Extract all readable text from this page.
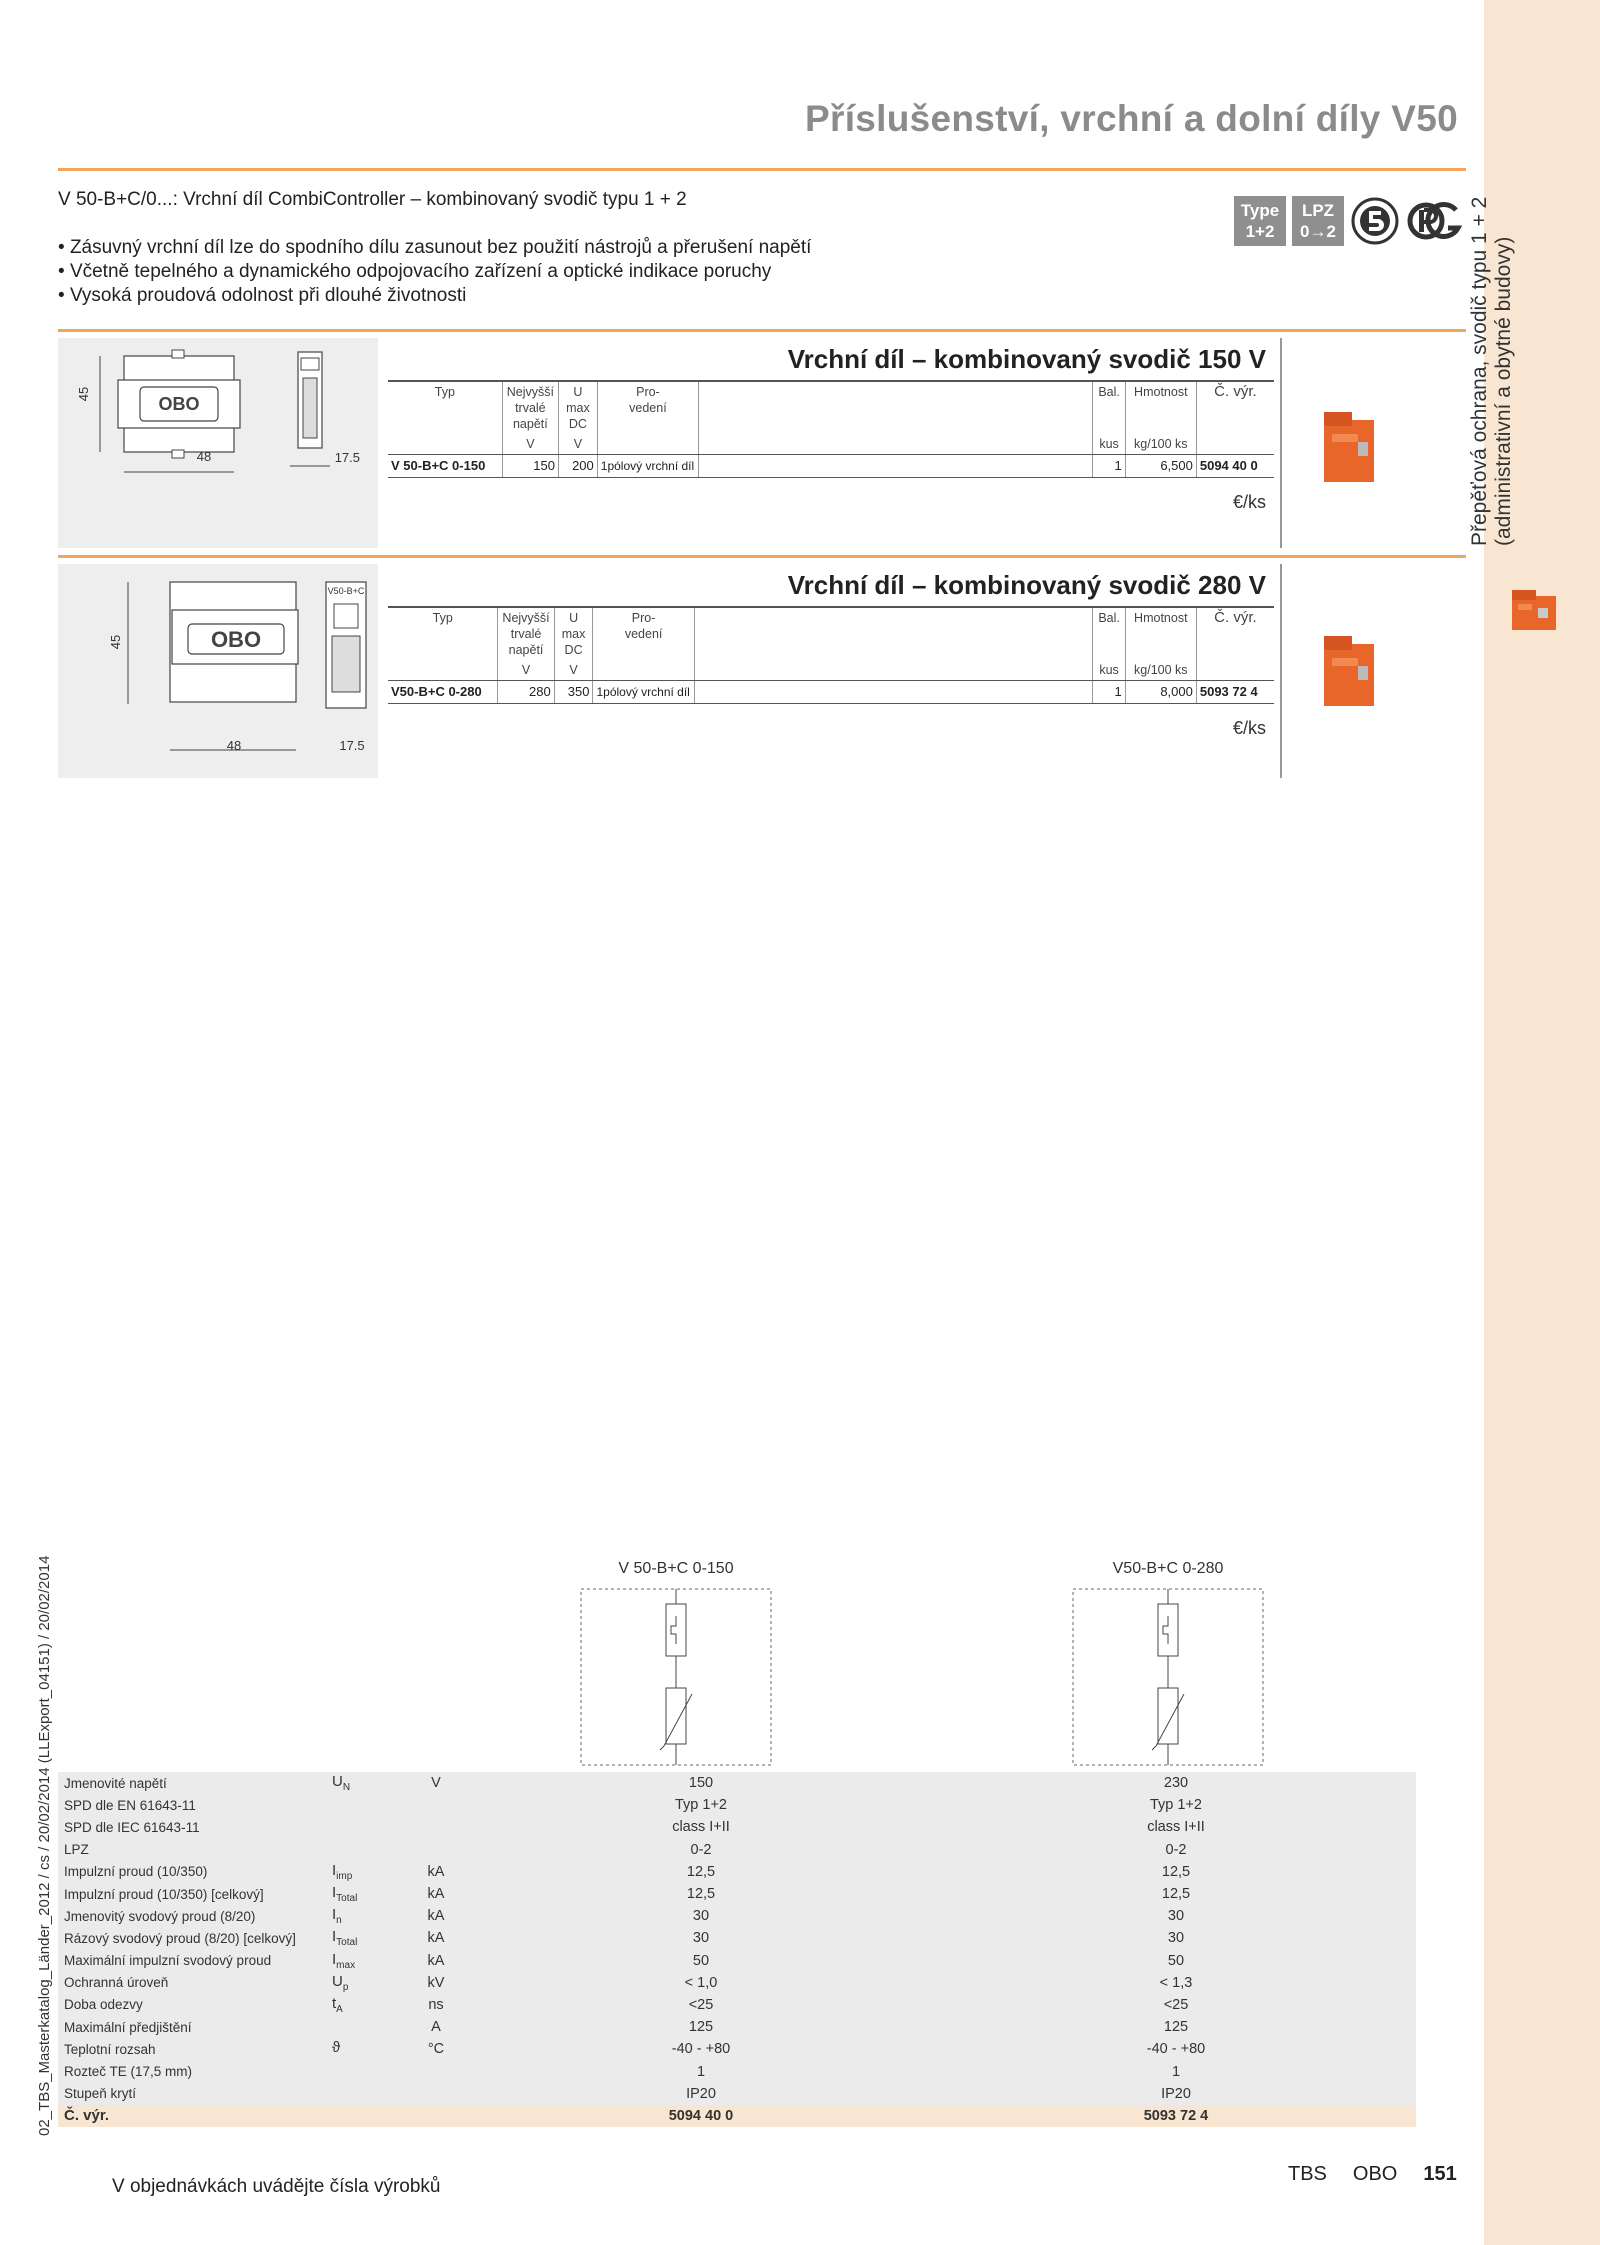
Přepěťová ochrana, svodič typu 1 + 2 (administrativní a obytné budovy)
Příslušenství, vrchní a dolní díly V50
V 50-B+C/0...: Vrchní díl CombiController – kombinovaný svodič typu 1 + 2
• Zásuvný vrchní díl lze do spodního dílu zasunout bez použití nástrojů a přerušení napětí
• Včetně tepelného a dynamického odpojovacího zařízení a optické indikace poruchy
• Vysoká proudová odolnost při dlouhé životnosti
Type
1+2
LPZ
0→2
OBO
45
48	17.5
Vrchní díl – kombinovaný svodič 150 V
Typ	Nejvyšší
trvalé
napětí	U max
DC	Pro-
vedení		Bal.	Hmotnost	Č. výr.
	V	V			kus	kg/100 ks	
V 50-B+C 0-150	150	200	1pólový vrchní díl		1	6,500	5094 40 0
€/ks
OBO
45
48
V50-B+C
17.5
Vrchní díl – kombinovaný svodič 280 V
Typ	Nejvyšší
trvalé
napětí	U max
DC	Pro-
vedení		Bal.	Hmotnost	Č. výr.
	V	V			kus	kg/100 ks	
V50-B+C 0-280	280	350	1pólový vrchní díl		1	8,000	5093 72 4
€/ks
V 50-B+C 0-150	V50-B+C 0-280
Jmenovité napětí	$U_N$	V	150	230
SPD dle EN 61643-11			Typ 1+2	Typ 1+2
SPD dle IEC 61643-11			class I+II	class I+II
LPZ			0-2	0-2
Impulzní proud (10/350)	$I_{imp}$	kA	12,5	12,5
Impulzní proud (10/350) [celkový]	$I_{Total}$	kA	12,5	12,5
Jmenovitý svodový proud (8/20)	$I_n$	kA	30	30
Rázový svodový proud (8/20) [celkový]	$I_{Total}$	kA	30	30
Maximální impulzní svodový proud	$I_{max}$	kA	50	50
Ochranná úroveň	$U_p$	kV	< 1,0	< 1,3
Doba odezvy	$t_A$	ns	<25	<25
Maximální předjištění		A	125	125
Teplotní rozsah	ϑ	°C	-40 - +80	-40 - +80
Rozteč TE (17,5 mm)			1	1
Stupeň krytí			IP20	IP20
Č. výr.			5094 40 0	5093 72 4
02_TBS_Masterkatalog_Länder_2012 / cs / 20/02/2014 (LLExport_04151) / 20/02/2014
V objednávkách uvádějte čísla výrobků
TBS OBO 151
